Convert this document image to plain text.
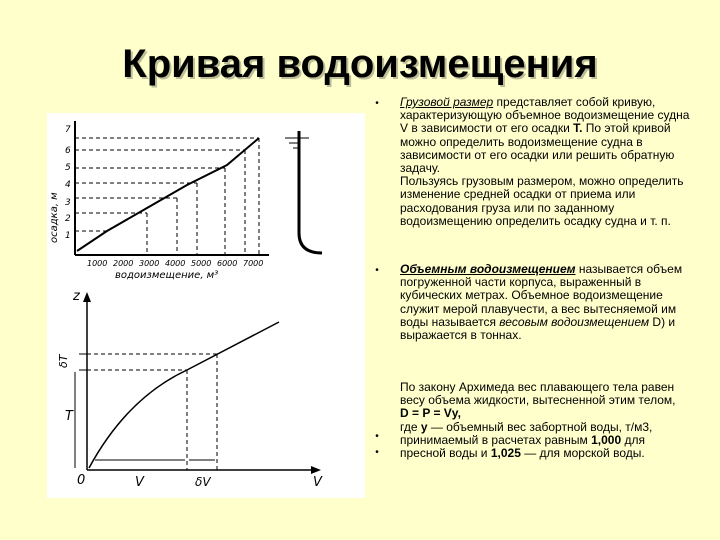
Кривая водоизмещения
7
6
5
4
3
2
1
осадка, м
1000 2000 3000 4000 5000 6000 7000
водоизмещение, м³
z
T
δT
0	V	δV	V
• Грузовой размер представляет собой кривую, характеризующую объемное водоизмещение судна V в зависимости от его осадки Т. По этой кривой можно определить водоизмещение судна в зависимости от его осадки или решить обратную задачу.
Пользуясь грузовым размером, можно определить изменение средней осадки от приема или расходования груза или по заданному водоизмещению определить осадку судна и т. п.

• Объемным водоизмещением называется объем погруженной части корпуса, выраженный в кубических метрах. Объемное водоизмещение служит мерой плавучести, а вес вытесняемой им воды называется весовым водоизмещением D) и выражается в тоннах.

По закону Архимеда вес плавающего тела равен весу объема жидкости, вытесненной этим телом,
D = P = Vу,
где у — объемный вес забортной воды, т/м3, принимаемый в расчетах равным 1,000 для пресной воды и 1,025 — для морской воды.

•
•
